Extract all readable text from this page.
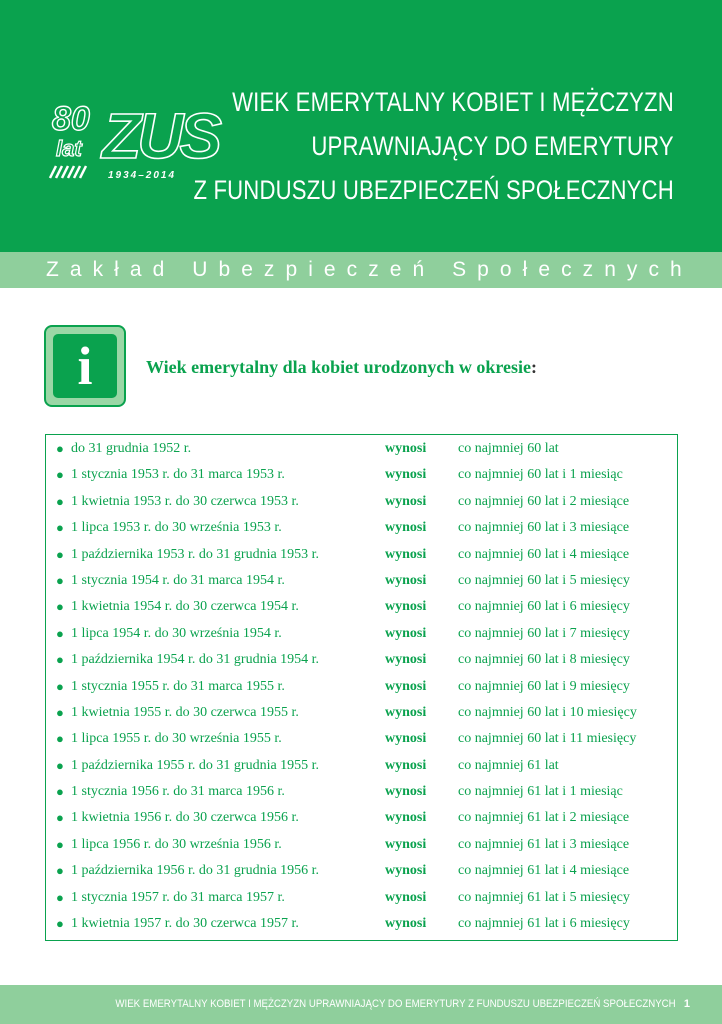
80
lat ZUS
1934–2014
WIEK EMERYTALNY KOBIET I MĘŻCZYZN
UPRAWNIAJĄCY DO EMERYTURY
Z FUNDUSZU UBEZPIECZEŃ SPOŁECZNYCH
Z a k ł a d
U b e z p i e c z e ń
S p o ł e c z n y c h
i	Wiek emerytalny dla kobiet urodzonych w okresie:
● do 31 grudnia 1952 r.	wynosi co najmniej 60 lat
● 1 stycznia 1953 r. do 31 marca 1953 r.	wynosi co najmniej 60 lat i 1 miesiąc
● 1 kwietnia 1953 r. do 30 czerwca 1953 r.	wynosi co najmniej 60 lat i 2 miesiące
● 1 lipca 1953 r. do 30 września 1953 r.	wynosi co najmniej 60 lat i 3 miesiące
● 1 października 1953 r. do 31 grudnia 1953 r.	wynosi co najmniej 60 lat i 4 miesiące
● 1 stycznia 1954 r. do 31 marca 1954 r.	wynosi co najmniej 60 lat i 5 miesięcy
● 1 kwietnia 1954 r. do 30 czerwca 1954 r.	wynosi co najmniej 60 lat i 6 miesięcy
● 1 lipca 1954 r. do 30 września 1954 r.	wynosi co najmniej 60 lat i 7 miesięcy
● 1 października 1954 r. do 31 grudnia 1954 r.	wynosi co najmniej 60 lat i 8 miesięcy
● 1 stycznia 1955 r. do 31 marca 1955 r.	wynosi co najmniej 60 lat i 9 miesięcy
● 1 kwietnia 1955 r. do 30 czerwca 1955 r.	wynosi co najmniej 60 lat i 10 miesięcy
● 1 lipca 1955 r. do 30 września 1955 r.	wynosi co najmniej 60 lat i 11 miesięcy
● 1 października 1955 r. do 31 grudnia 1955 r.	wynosi co najmniej 61 lat
● 1 stycznia 1956 r. do 31 marca 1956 r.	wynosi co najmniej 61 lat i 1 miesiąc
● 1 kwietnia 1956 r. do 30 czerwca 1956 r.	wynosi co najmniej 61 lat i 2 miesiące
● 1 lipca 1956 r. do 30 września 1956 r.	wynosi co najmniej 61 lat i 3 miesiące
● 1 października 1956 r. do 31 grudnia 1956 r.	wynosi co najmniej 61 lat i 4 miesiące
● 1 stycznia 1957 r. do 31 marca 1957 r.	wynosi co najmniej 61 lat i 5 miesięcy
● 1 kwietnia 1957 r. do 30 czerwca 1957 r.	wynosi co najmniej 61 lat i 6 miesięcy
WIEK EMERYTALNY KOBIET I MĘŻCZYZN UPRAWNIAJĄCY DO EMERYTURY Z FUNDUSZU UBEZPIECZEŃ SPOŁECZNYCH 1
